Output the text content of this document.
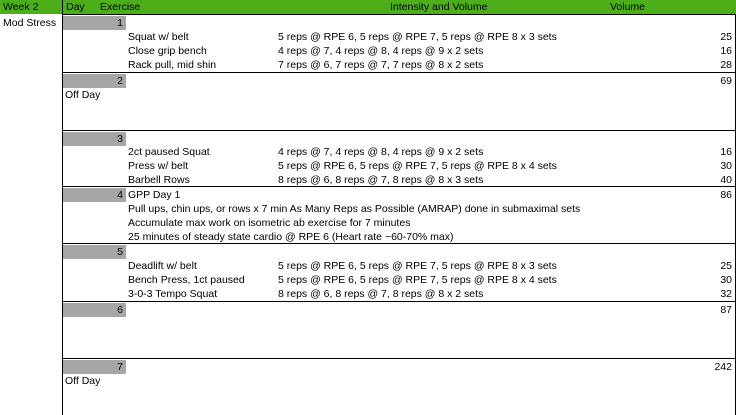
Week 2	Day Exercise	Intensity and Volume	Volume
Mod Stress	1
Squat w/ belt	5 reps @ RPE 6, 5 reps @ RPE 7, 5 reps @ RPE 8 x 3 sets	25
Close grip bench	4 reps @ 7, 4 reps @ 8, 4 reps @ 9 x 2 sets	16
Rack pull, mid shin	7 reps @ 6, 7 reps @ 7, 7 reps @ 8 x 2 sets	28
2	69
Off Day
3
2ct paused Squat	4 reps @ 7, 4 reps @ 8, 4 reps @ 9 x 2 sets	16
Press w/ belt	5 reps @ RPE 6, 5 reps @ RPE 7, 5 reps @ RPE 8 x 4 sets	30
Barbell Rows	8 reps @ 6, 8 reps @ 7, 8 reps @ 8 x 3 sets	40
4 GPP Day 1	86
Pull ups, chin ups, or rows x 7 min As Many Reps as Possible (AMRAP) done in submaximal sets
Accumulate max work on isometric ab exercise for 7 minutes
25 minutes of steady state cardio @ RPE 6 (Heart rate ~60-70% max)
5
Deadlift w/ belt	5 reps @ RPE 6, 5 reps @ RPE 7, 5 reps @ RPE 8 x 3 sets	25
Bench Press, 1ct paused	5 reps @ RPE 6, 5 reps @ RPE 7, 5 reps @ RPE 8 x 4 sets	30
3-0-3 Tempo Squat	8 reps @ 6, 8 reps @ 7, 8 reps @ 8 x 2 sets	32
6	87
7	242
Off Day
